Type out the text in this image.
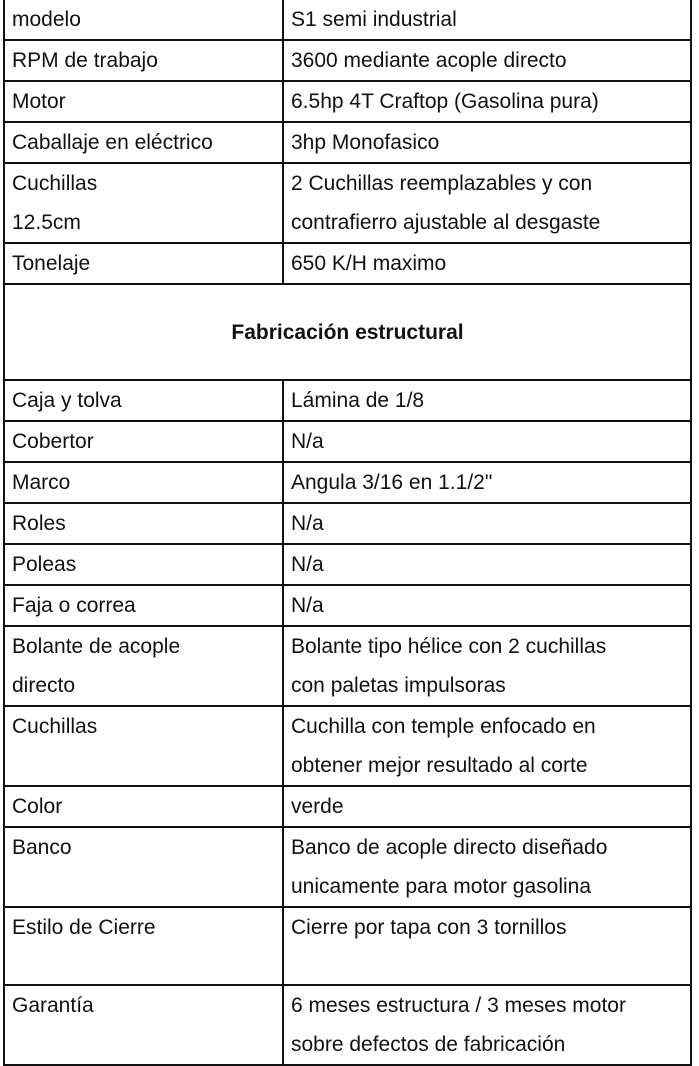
modelo	S1 semi industrial
RPM de trabajo	3600 mediante acople directo
Motor	6.5hp 4T Craftop (Gasolina pura)
Caballaje en eléctrico	3hp Monofasico
Cuchillas
12.5cm	2 Cuchillas reemplazables y con
contrafierro ajustable al desgaste
Tonelaje	650 K/H maximo
Fabricación estructural	
Caja y tolva	Lámina de 1/8
Cobertor	N/a
Marco	Angula 3/16 en 1.1/2"
Roles	N/a
Poleas	N/a
Faja o correa	N/a
Bolante de acople
directo	Bolante tipo hélice con 2 cuchillas
con paletas impulsoras
Cuchillas	Cuchilla con temple enfocado en
obtener mejor resultado al corte
Color	verde
Banco	Banco de acople directo diseñado
unicamente para motor gasolina
Estilo de Cierre	Cierre por tapa con 3 tornillos
Garantía	6 meses estructura / 3 meses motor
sobre defectos de fabricación
